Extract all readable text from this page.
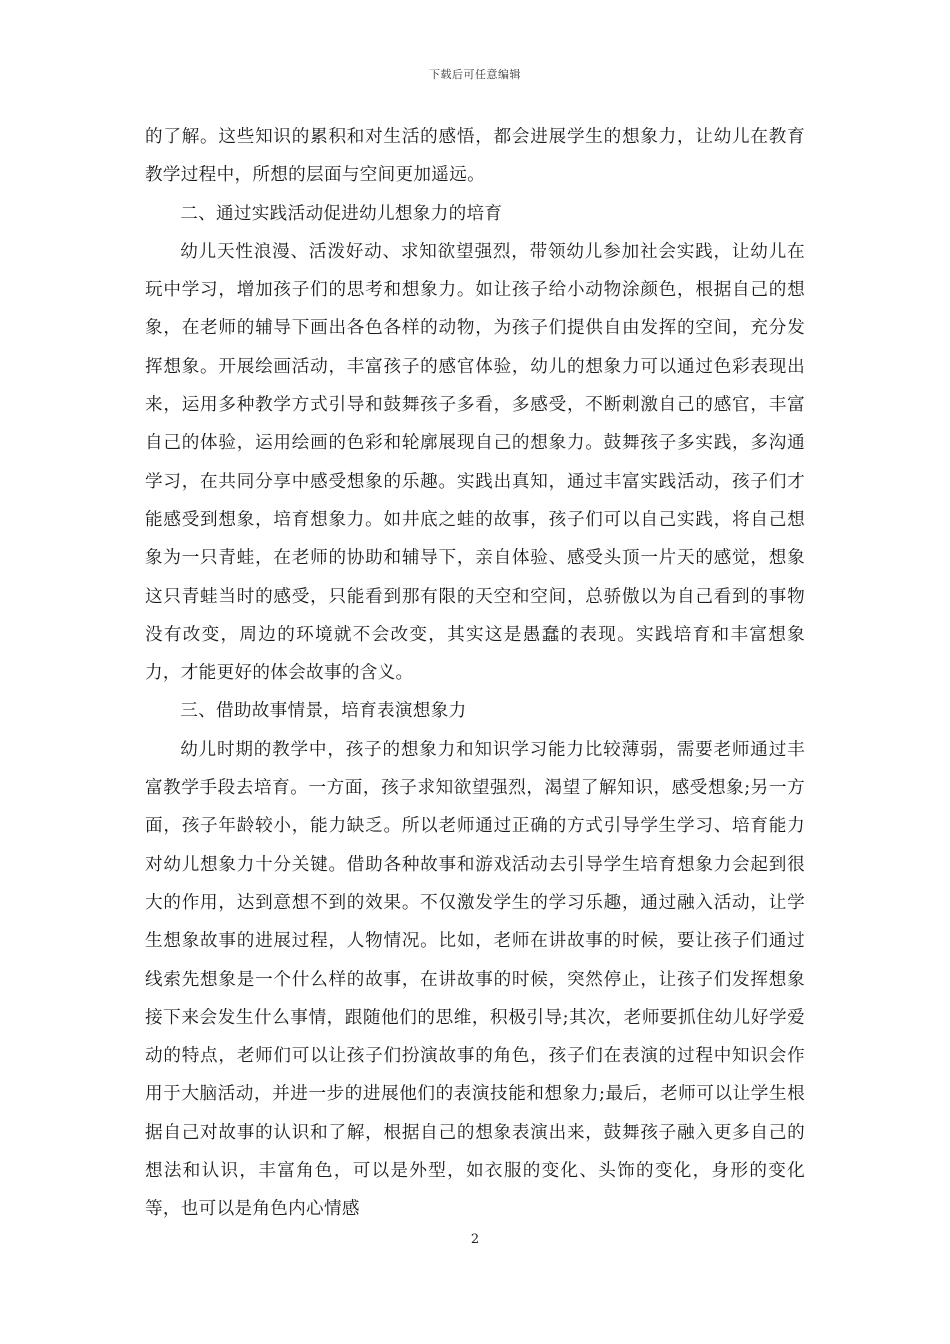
下载后可任意编辑

的了解。这些知识的累积和对生活的感悟，都会进展学生的想象力，让幼儿在教育教学过程中，所想的层面与空间更加遥远。

二、通过实践活动促进幼儿想象力的培育

幼儿天性浪漫、活泼好动、求知欲望强烈，带领幼儿参加社会实践，让幼儿在玩中学习，增加孩子们的思考和想象力。如让孩子给小动物涂颜色，根据自己的想象，在老师的辅导下画出各色各样的动物，为孩子们提供自由发挥的空间，充分发挥想象。开展绘画活动，丰富孩子的感官体验，幼儿的想象力可以通过色彩表现出来，运用多种教学方式引导和鼓舞孩子多看，多感受，不断刺激自己的感官，丰富自己的体验，运用绘画的色彩和轮廓展现自己的想象力。鼓舞孩子多实践，多沟通学习，在共同分享中感受想象的乐趣。实践出真知，通过丰富实践活动，孩子们才能感受到想象，培育想象力。如井底之蛙的故事，孩子们可以自己实践，将自己想象为一只青蛙，在老师的协助和辅导下，亲自体验、感受头顶一片天的感觉，想象这只青蛙当时的感受，只能看到那有限的天空和空间，总骄傲以为自己看到的事物没有改变，周边的环境就不会改变，其实这是愚蠢的表现。实践培育和丰富想象力，才能更好的体会故事的含义。

三、借助故事情景，培育表演想象力

幼儿时期的教学中，孩子的想象力和知识学习能力比较薄弱，需要老师通过丰富教学手段去培育。一方面，孩子求知欲望强烈，渴望了解知识，感受想象;另一方面，孩子年龄较小，能力缺乏。所以老师通过正确的方式引导学生学习、培育能力对幼儿想象力十分关键。借助各种故事和游戏活动去引导学生培育想象力会起到很大的作用，达到意想不到的效果。不仅激发学生的学习乐趣，通过融入活动，让学生想象故事的进展过程，人物情况。比如，老师在讲故事的时候，要让孩子们通过线索先想象是一个什么样的故事，在讲故事的时候，突然停止，让孩子们发挥想象接下来会发生什么事情，跟随他们的思维，积极引导;其次，老师要抓住幼儿好学爱动的特点，老师们可以让孩子们扮演故事的角色，孩子们在表演的过程中知识会作用于大脑活动，并进一步的进展他们的表演技能和想象力;最后，老师可以让学生根据自己对故事的认识和了解，根据自己的想象表演出来，鼓舞孩子融入更多自己的想法和认识，丰富角色，可以是外型，如衣服的变化、头饰的变化，身形的变化等，也可以是角色内心情感

2
